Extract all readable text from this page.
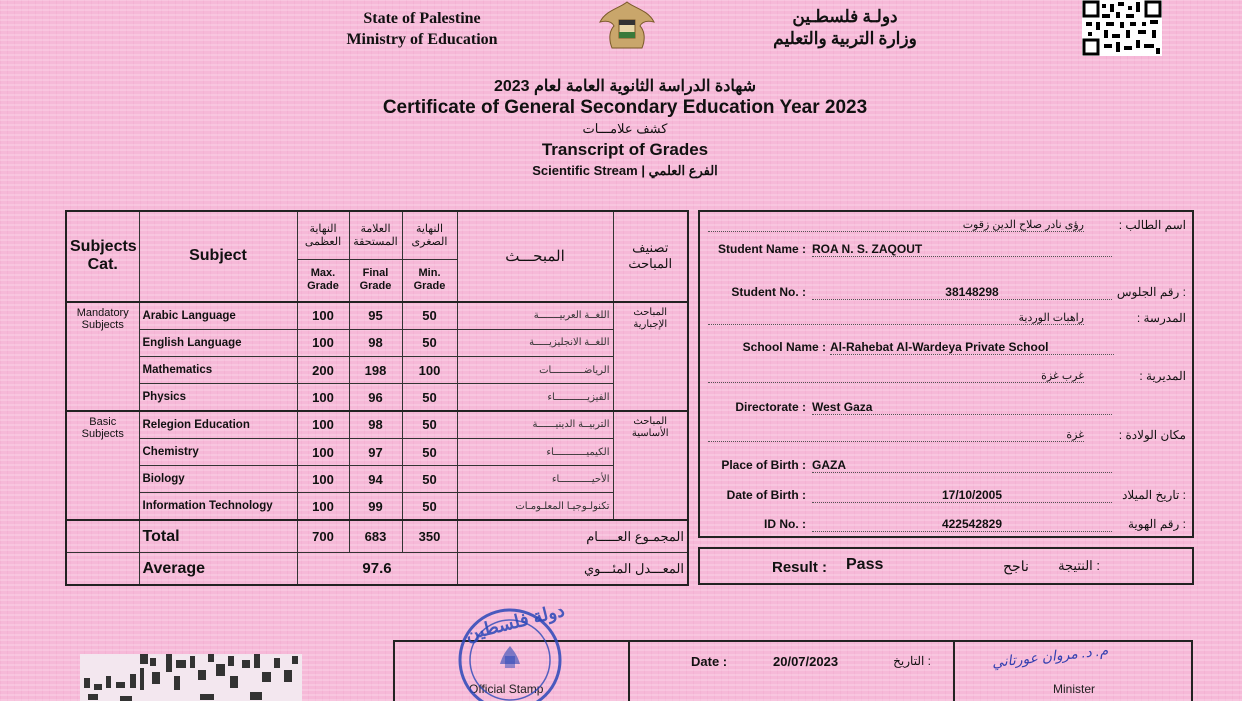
State of Palestine
Ministry of Education
دولـة فلسطـين
وزارة التربية والتعليم
شهادة الدراسة الثانوية العامة لعام 2023
Certificate of General Secondary Education Year 2023
كشف علامـــات
Transcript of Grades
Scientific Stream | الفرع العلمي
Subjects Cat.	Subject	النهاية العظمى	العلامة المستحقة	النهاية الصغرى	المبحـــث	تصنيف المباحث
		Max. Grade	Final Grade	Min. Grade		
Mandatory Subjects	Arabic Language	100	95	50	اللغــة العربيـــــــة	المباحث الإجبارية
	English Language	100	98	50	اللغــة الانجليزيـــــة	
	Mathematics	200	198	100	الرياضـــــــــــات	
	Physics	100	96	50	الفيزيـــــــــــاء	
Basic Subjects	Relegion Education	100	98	50	التربيــة الدينيــــــة	المباحث الأساسية
	Chemistry	100	97	50	الكيميـــــــــــاء	
	Biology	100	94	50	الأحيـــــــــــاء	
	Information Technology	100	99	50	تكنولـوجيـا المعلـومـات	
	Total	700	683	350	المجمـوع العـــــام	
	Average	97.6			المعـــدل المئـــوي	
رؤى نادر صلاح الدين زقوت	اسم الطالب :
Student Name : ROA N. S. ZAQOUT
Student No. :	38148298	: رقم الجلوس
راهبات الوردية	المدرسة :
School Name : Al-Rahebat Al-Wardeya Private School
غرب غزة	المديرية :
Directorate : West Gaza
غزة	مكان الولادة :
Place of Birth : GAZA
Date of Birth :	17/10/2005	: تاريخ الميلاد
ID No. :	422542829	: رقم الهوية
Result : Pass	ناجح	: النتيجة
Official Stamp
Date :	20/07/2023	: التاريخ
Minister
م. د. مروان عورتاني
دولة فلسطين
